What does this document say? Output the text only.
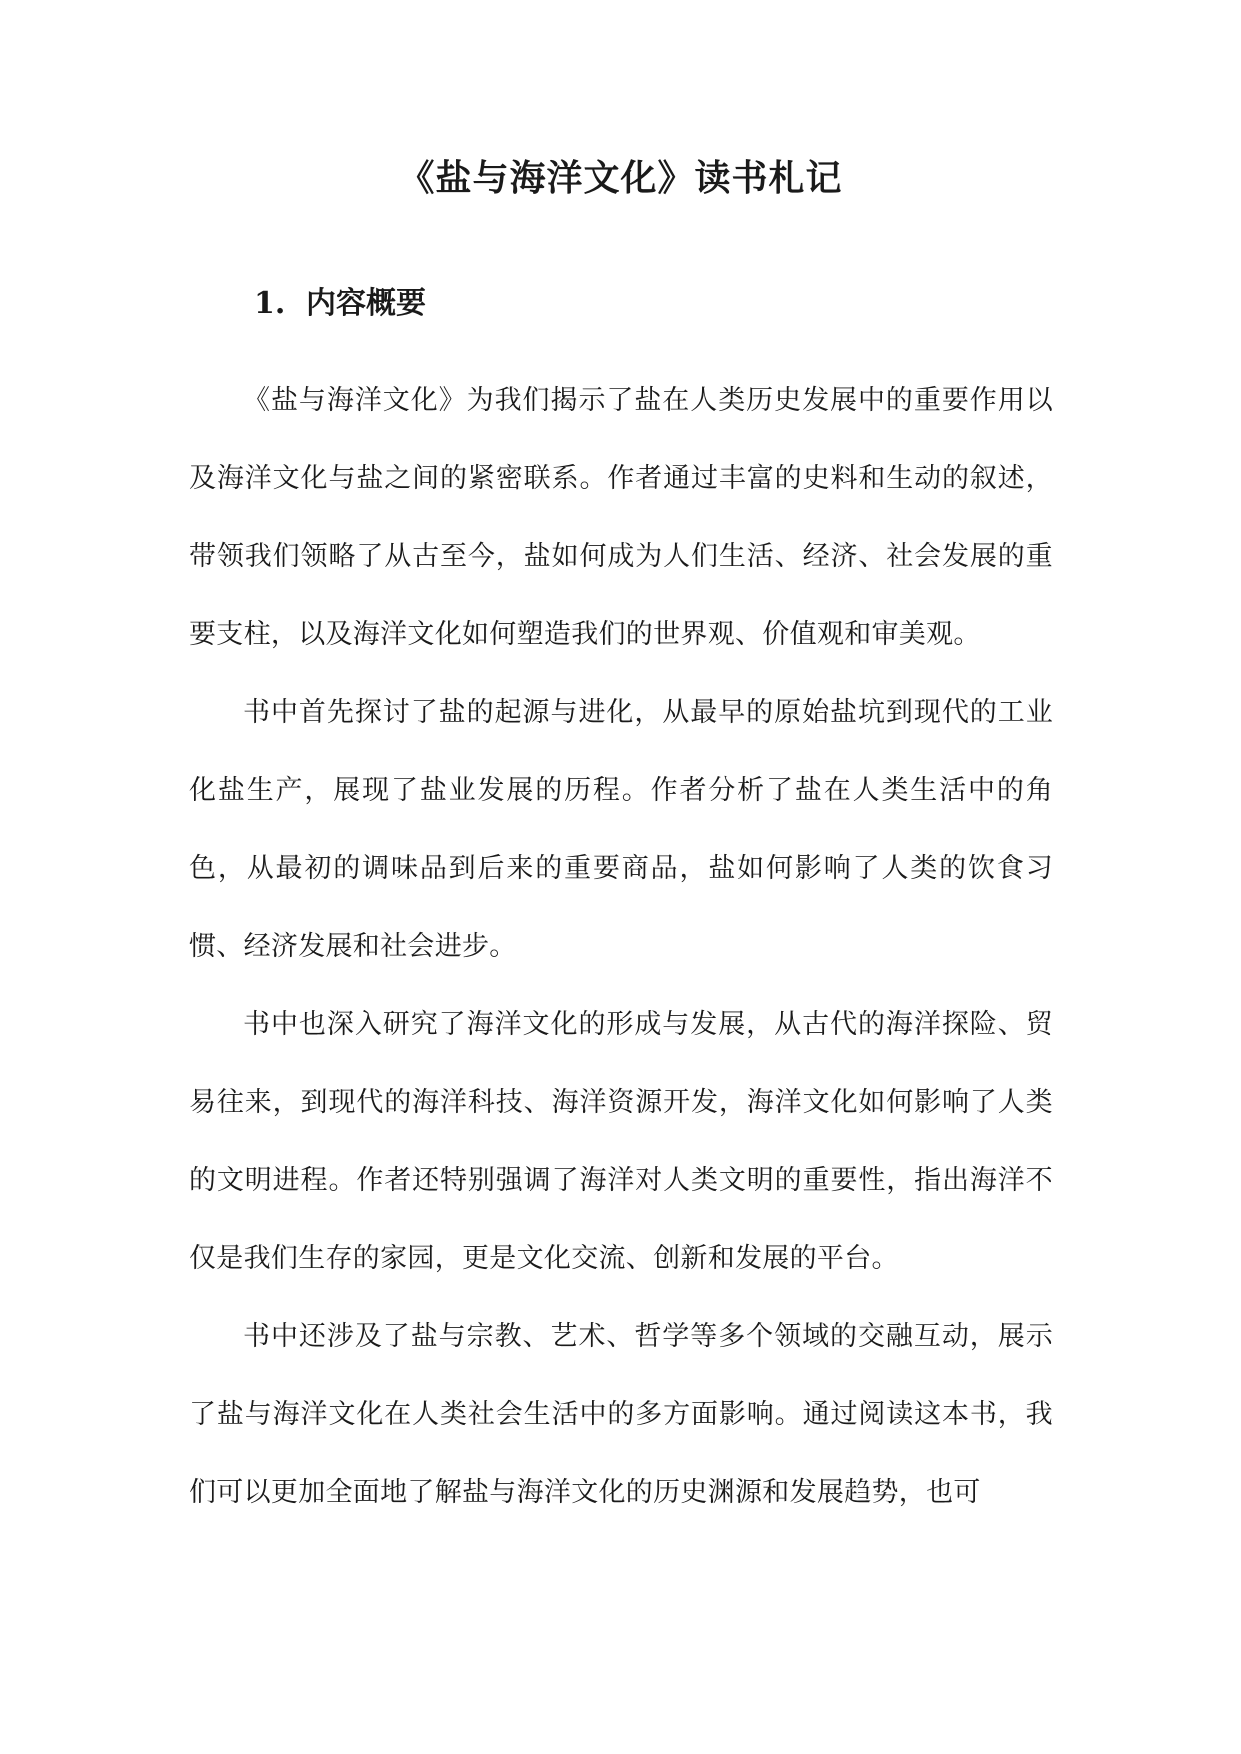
《盐与海洋文化》读书札记
1. 内容概要

《盐与海洋文化》为我们揭示了盐在人类历史发展中的重要作用以及海洋文化与盐之间的紧密联系。作者通过丰富的史料和生动的叙述，带领我们领略了从古至今，盐如何成为人们生活、经济、社会发展的重要支柱，以及海洋文化如何塑造我们的世界观、价值观和审美观。

书中首先探讨了盐的起源与进化，从最早的原始盐坑到现代的工业化盐生产，展现了盐业发展的历程。作者分析了盐在人类生活中的角色，从最初的调味品到后来的重要商品，盐如何影响了人类的饮食习惯、经济发展和社会进步。

书中也深入研究了海洋文化的形成与发展，从古代的海洋探险、贸易往来，到现代的海洋科技、海洋资源开发，海洋文化如何影响了人类的文明进程。作者还特别强调了海洋对人类文明的重要性，指出海洋不仅是我们生存的家园，更是文化交流、创新和发展的平台。

书中还涉及了盐与宗教、艺术、哲学等多个领域的交融互动，展示了盐与海洋文化在人类社会生活中的多方面影响。通过阅读这本书，我们可以更加全面地了解盐与海洋文化的历史渊源和发展趋势，也可
